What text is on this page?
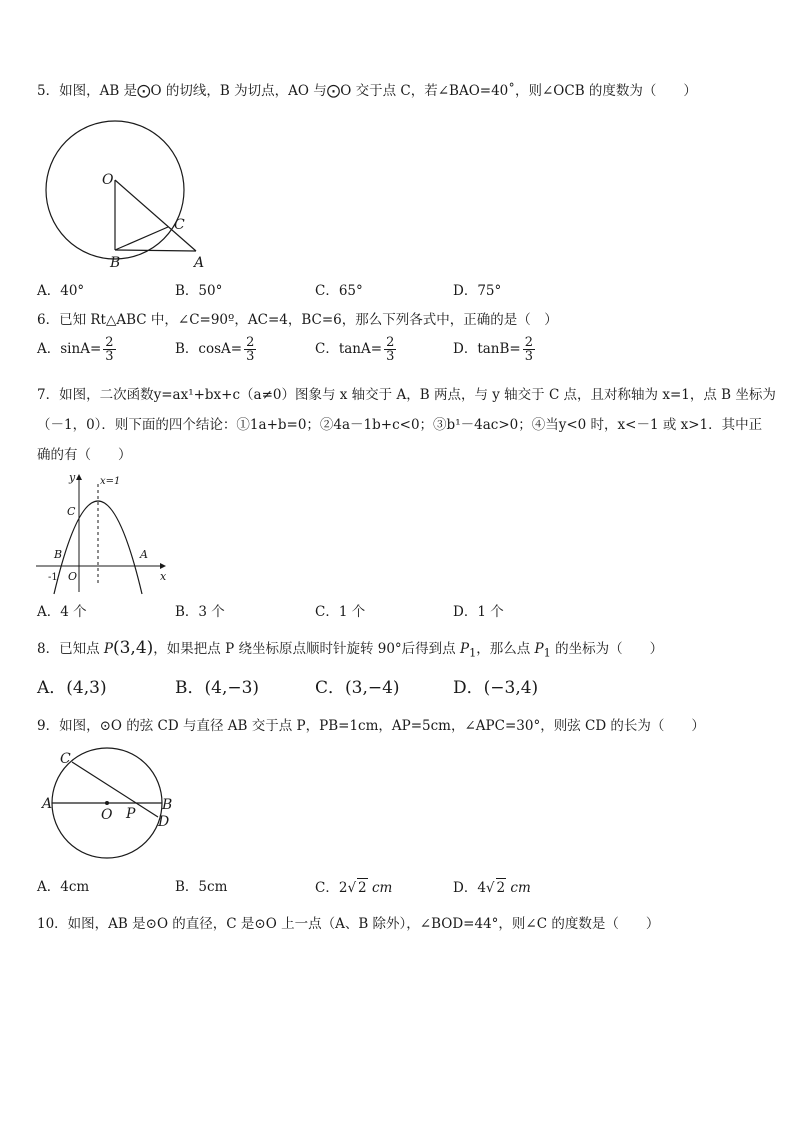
5．如图，AB 是⨀O 的切线，B 为切点，AO 与⨀O 交于点 C，若∠BAO=40˚，则∠OCB 的度数为（　　）
O
C
B	A
A．40°	B．50°	C．65°	D．75°
6．已知 Rt△ABC 中，∠C=90º，AC=4，BC=6，那么下列各式中，正确的是（　）
A．$\sin A= \frac{2}{3}$	B．$\cos A= \frac{2}{3}$	C．$\tan A= \frac{2}{3}$	D．$\tan B= \frac{2}{3}$
7．如图，二次函数y=ax¹+bx+c（a≠0）图象与 x 轴交于 A，B 两点，与 y 轴交于 C 点，且对称轴为 x=1，点 B 坐标为
（－1，0）．则下面的四个结论：①1a+b=0；②4a－1b+c<0；③b¹－4ac>0；④当y<0 时，x<－1 或 x>1．其中正
确的有（　　）
y
x
x=1
C
B	A
O
-1
A．4 个	B．3 个	C．1 个	D．1 个
8．已知点 P(3,4)，如果把点 P 绕坐标原点顺时针旋转 90°后得到点 $P_1$，那么点 $P_1$ 的坐标为（　　）
A．(4,3)	B．(4,−3)	C．(3,−4)	D．(−3,4)
9．如图，⊙O 的弦 CD 与直径 AB 交于点 P，PB=1cm，AP=5cm，∠APC=30°，则弦 CD 的长为（　　）
C
A	B
O P D
A．4cm	B．5cm	C．2√ 2 cm	D．4√ 2 cm
10．如图，AB 是⊙O 的直径，C 是⊙O 上一点（A、B 除外），∠BOD=44°，则∠C 的度数是（　　）
